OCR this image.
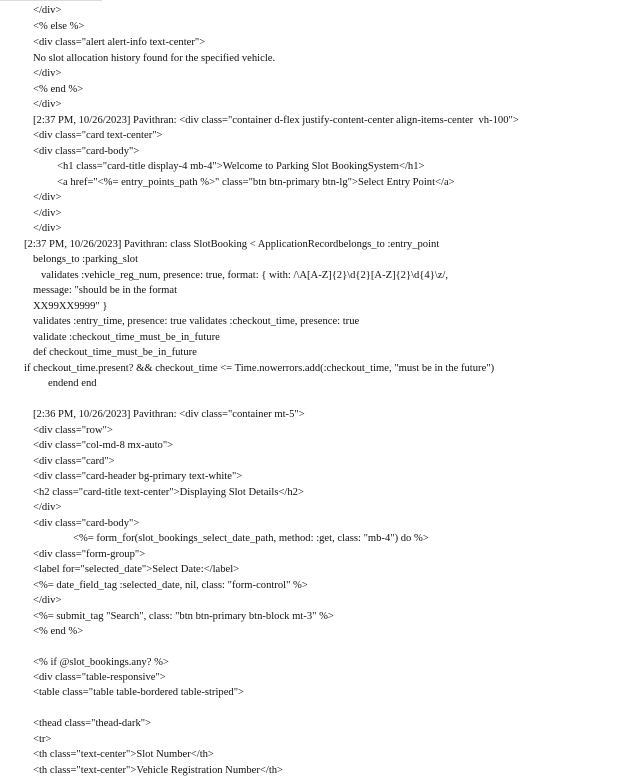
</div>
<% else %>
<div class="alert alert-info text-center">
No slot allocation history found for the specified vehicle.
</div>
<% end %>
</div>
[2:37 PM, 10/26/2023] Pavithran: <div class="container d-flex justify-content-center align-items-center  vh-100">
<div class="card text-center">
<div class="card-body">
<h1 class="card-title display-4 mb-4">Welcome to Parking Slot BookingSystem</h1>
<a href="<%= entry_points_path %>" class="btn btn-primary btn-lg">Select Entry Point</a>
</div>
</div>
</div>
[2:37 PM, 10/26/2023] Pavithran: class SlotBooking < ApplicationRecordbelongs_to :entry_point
belongs_to :parking_slot
validates :vehicle_reg_num, presence: true, format: { with: /\A[A-Z]{2}\d{2}[A-Z]{2}\d{4}\z/,
message: "should be in the format
XX99XX9999" }
validates :entry_time, presence: true validates :checkout_time, presence: true
validate :checkout_time_must_be_in_future
def checkout_time_must_be_in_future
if checkout_time.present? && checkout_time <= Time.nowerrors.add(:checkout_time, "must be in the future")
endend end
[2:36 PM, 10/26/2023] Pavithran: <div class="container mt-5">
<div class="row">
<div class="col-md-8 mx-auto">
<div class="card">
<div class="card-header bg-primary text-white">
<h2 class="card-title text-center">Displaying Slot Details</h2>
</div>
<div class="card-body">
<%= form_for(slot_bookings_select_date_path, method: :get, class: "mb-4") do %>
<div class="form-group">
<label for="selected_date">Select Date:</label>
<%= date_field_tag :selected_date, nil, class: "form-control" %>
</div>
<%= submit_tag "Search", class: "btn btn-primary btn-block mt-3" %>
<% end %>
<% if @slot_bookings.any? %>
<div class="table-responsive">
<table class="table table-bordered table-striped">
<thead class="thead-dark">
<tr>
<th class="text-center">Slot Number</th>
<th class="text-center">Vehicle Registration Number</th>
